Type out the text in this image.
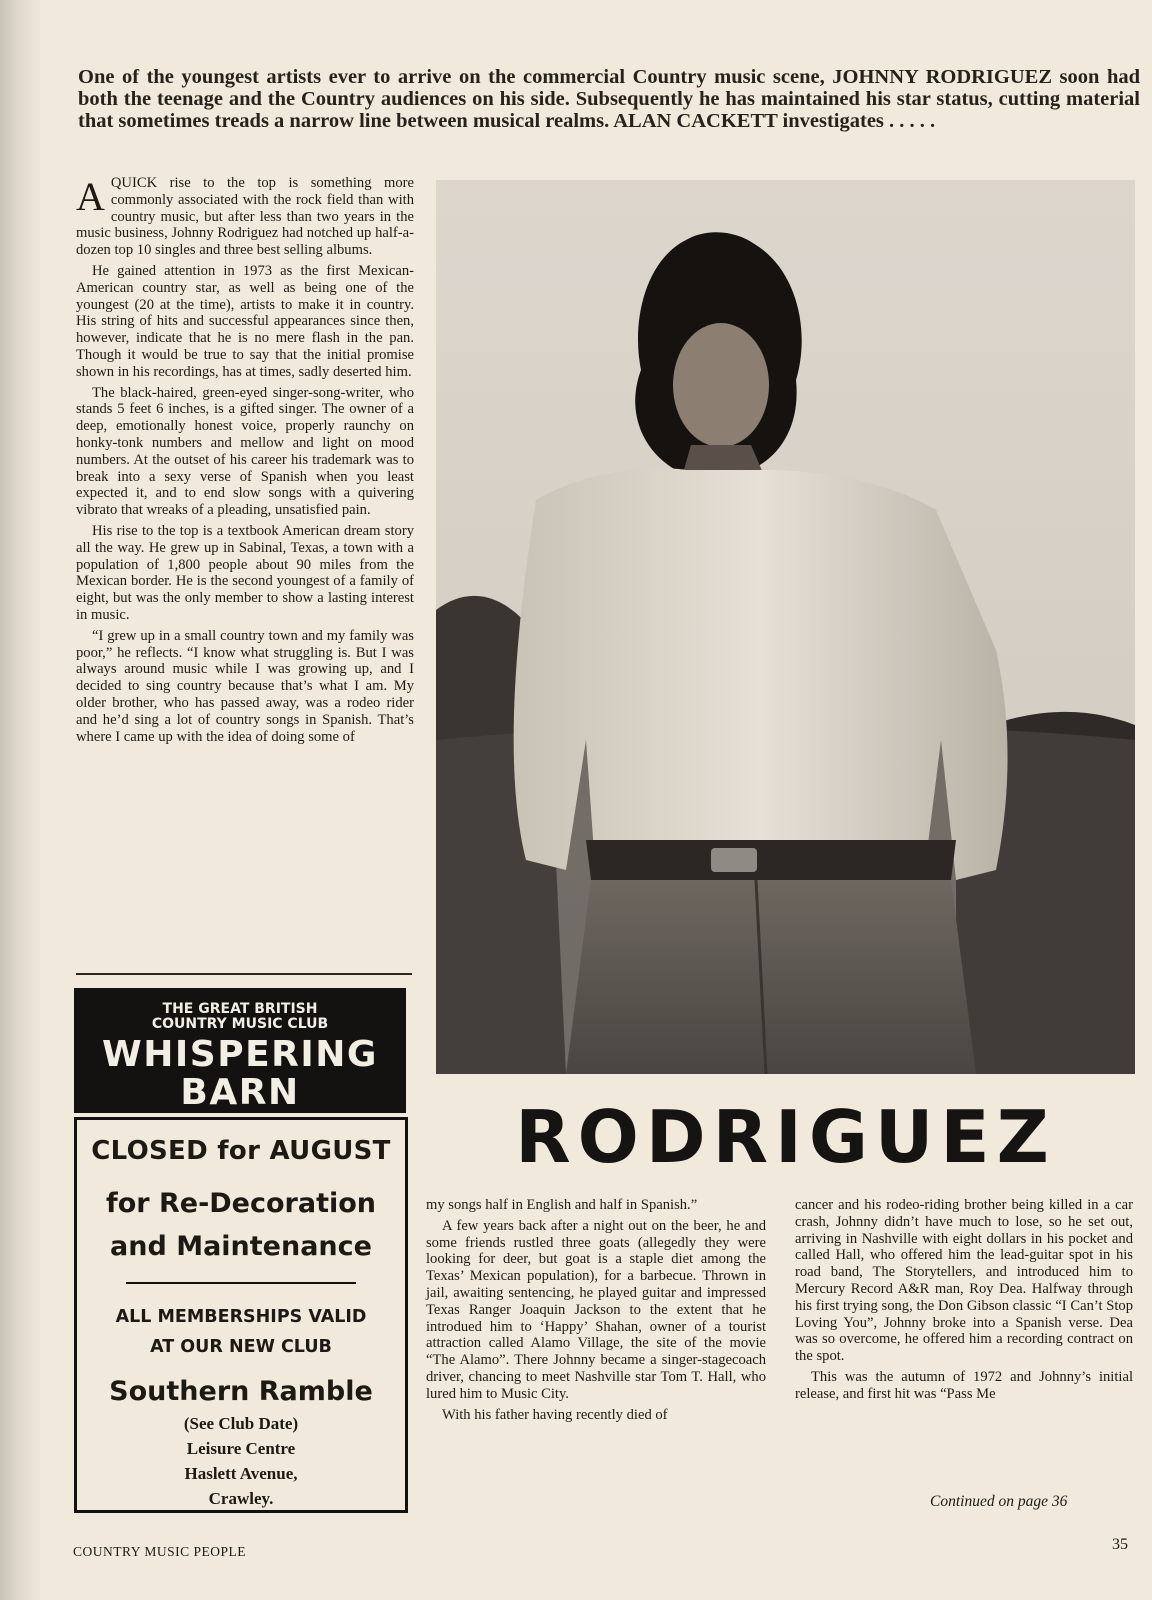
One of the youngest artists ever to arrive on the commercial Country music scene, JOHNNY RODRIGUEZ soon had both the teenage and the Country audiences on his side. Subsequently he has maintained his star status, cutting material that sometimes treads a narrow line between musical realms. ALAN CACKETT investigates . . . . .

AQUICK rise to the top is something more commonly associated with the rock field than with country music, but after less than two years in the music business, Johnny Rodriguez had notched up half-a-dozen top 10 singles and three best selling albums.

He gained attention in 1973 as the first Mexican-American country star, as well as being one of the youngest (20 at the time), artists to make it in country. His string of hits and successful appearances since then, however, indicate that he is no mere flash in the pan. Though it would be true to say that the initial promise shown in his recordings, has at times, sadly deserted him.

The black-haired, green-eyed singer-song-writer, who stands 5 feet 6 inches, is a gifted singer. The owner of a deep, emotionally honest voice, properly raunchy on honky-tonk numbers and mellow and light on mood numbers. At the outset of his career his trademark was to break into a sexy verse of Spanish when you least expected it, and to end slow songs with a quivering vibrato that wreaks of a pleading, unsatisfied pain.

His rise to the top is a textbook American dream story all the way. He grew up in Sabinal, Texas, a town with a population of 1,800 people about 90 miles from the Mexican border. He is the second youngest of a family of eight, but was the only member to show a lasting interest in music.

“I grew up in a small country town and my family was poor,” he reflects. “I know what struggling is. But I was always around music while I was growing up, and I decided to sing country because that’s what I am. My older brother, who has passed away, was a rodeo rider and he’d sing a lot of country songs in Spanish. That’s where I came up with the idea of doing some of

RODRIGUEZ
THE GREAT BRITISH
COUNTRY MUSIC CLUB
WHISPERING
BARN
CLOSED for AUGUST
for Re-Decoration
and Maintenance
ALL MEMBERSHIPS VALID
AT OUR NEW CLUB
Southern Ramble
(See Club Date)
Leisure Centre
Haslett Avenue,
Crawley.

my songs half in English and half in Spanish.”

A few years back after a night out on the beer, he and some friends rustled three goats (allegedly they were looking for deer, but goat is a staple diet among the Texas’ Mexican population), for a barbecue. Thrown in jail, awaiting sentencing, he played guitar and impressed Texas Ranger Joaquin Jackson to the extent that he introdued him to ‘Happy’ Shahan, owner of a tourist attraction called Alamo Village, the site of the movie “The Alamo”. There Johnny became a singer-stagecoach driver, chancing to meet Nashville star Tom T. Hall, who lured him to Music City.

With his father having recently died of

cancer and his rodeo-riding brother being killed in a car crash, Johnny didn’t have much to lose, so he set out, arriving in Nashville with eight dollars in his pocket and called Hall, who offered him the lead-guitar spot in his road band, The Storytellers, and introduced him to Mercury Record A&R man, Roy Dea. Halfway through his first trying song, the Don Gibson classic “I Can’t Stop Loving You”, Johnny broke into a Spanish verse. Dea was so overcome, he offered him a recording contract on the spot.

This was the autumn of 1972 and Johnny’s initial release, and first hit was “Pass Me

Continued on page 36
COUNTRY MUSIC PEOPLE	35
